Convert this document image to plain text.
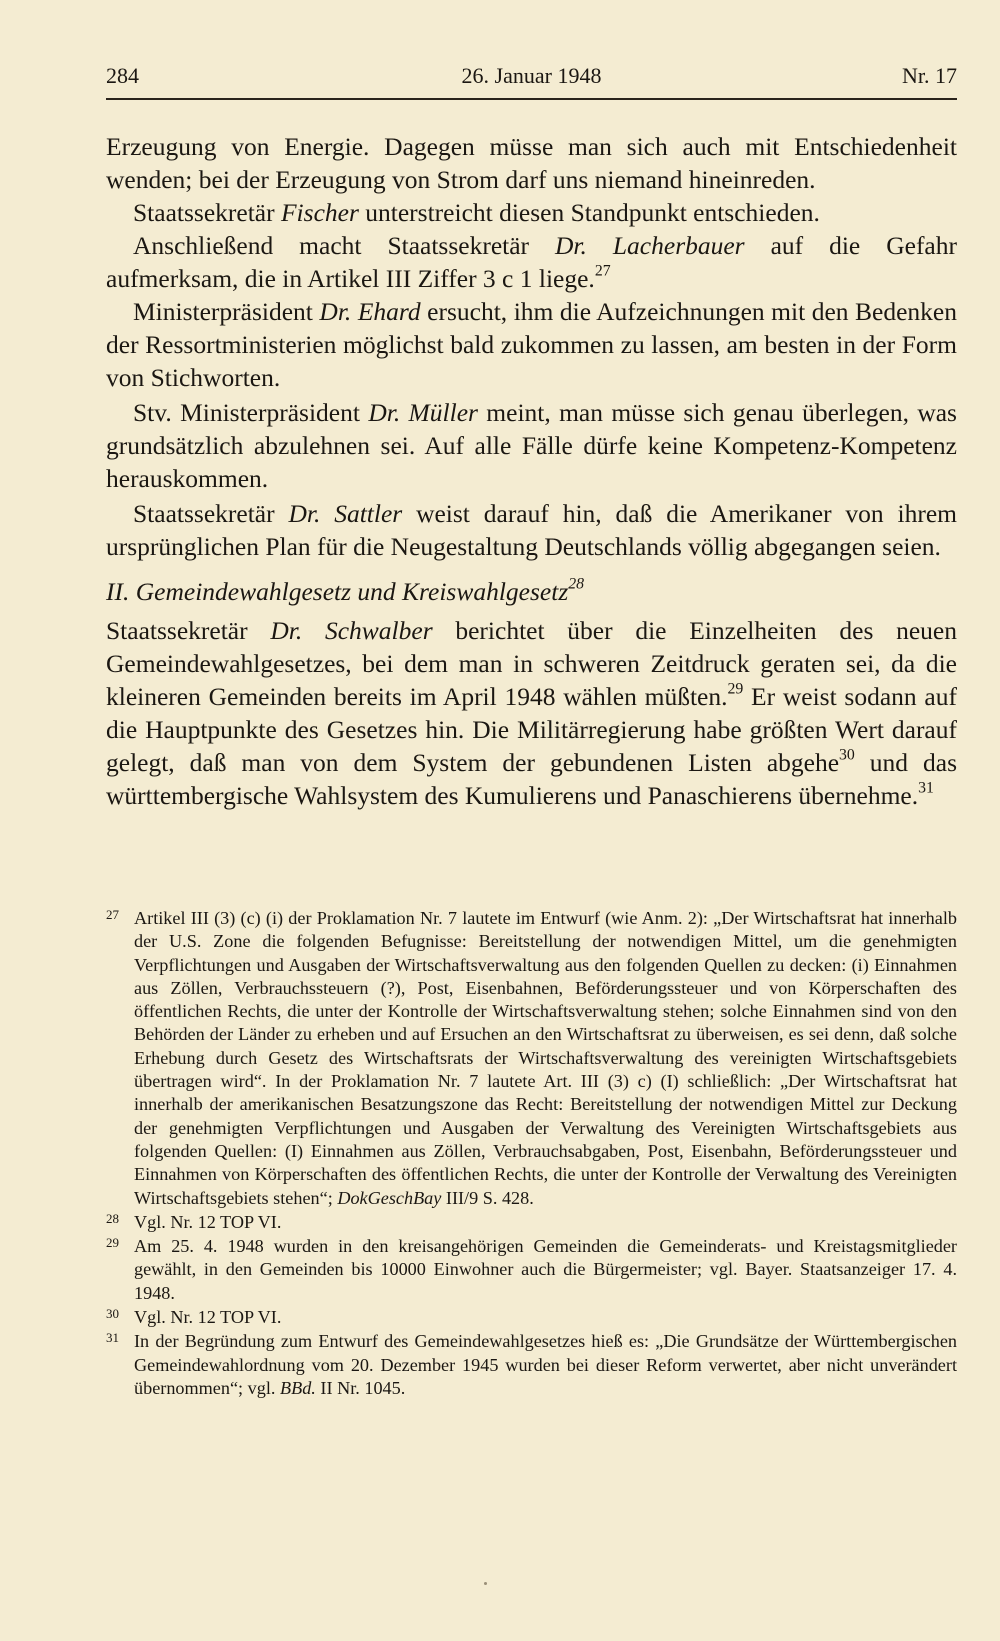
26. Januar 1948
284	Nr. 17

Erzeugung von Energie. Dagegen müsse man sich auch mit Entschiedenheit wenden; bei der Erzeugung von Strom darf uns niemand hineinreden.

Staatssekretär Fischer unterstreicht diesen Standpunkt entschieden.

Anschließend macht Staatssekretär Dr. Lacherbauer auf die Gefahr aufmerksam, die in Artikel III Ziffer 3 c 1 liege.$^{27}$

Ministerpräsident Dr. Ehard ersucht, ihm die Aufzeichnungen mit den Bedenken der Ressortministerien möglichst bald zukommen zu lassen, am besten in der Form von Stichworten.

Stv. Ministerpräsident Dr. Müller meint, man müsse sich genau überlegen, was grundsätzlich abzulehnen sei. Auf alle Fälle dürfe keine Kompetenz-Kompetenz herauskommen.

Staatssekretär Dr. Sattler weist darauf hin, daß die Amerikaner von ihrem ursprünglichen Plan für die Neugestaltung Deutschlands völlig abgegangen seien.

II. Gemeindewahlgesetz und Kreiswahlgesetz$^{28}$

Staatssekretär Dr. Schwalber berichtet über die Einzelheiten des neuen Gemeindewahlgesetzes, bei dem man in schweren Zeitdruck geraten sei, da die kleineren Gemeinden bereits im April 1948 wählen müßten.$^{29}$ Er weist sodann auf die Hauptpunkte des Gesetzes hin. Die Militärregierung habe größten Wert darauf gelegt, daß man von dem System der gebundenen Listen abgehe$^{30}$ und das württembergische Wahlsystem des Kumulierens und Panaschierens übernehme.$^{31}$

27 Artikel III (3) (c) (i) der Proklamation Nr. 7 lautete im Entwurf (wie Anm. 2): „Der Wirtschaftsrat hat innerhalb der U.S. Zone die folgenden Befugnisse: Bereitstellung der notwendigen Mittel, um die genehmigten Verpflichtungen und Ausgaben der Wirtschaftsverwaltung aus den folgenden Quellen zu decken: (i) Einnahmen aus Zöllen, Verbrauchssteuern (?), Post, Eisenbahnen, Beförderungssteuer und von Körperschaften des öffentlichen Rechts, die unter der Kontrolle der Wirtschaftsverwaltung stehen; solche Einnahmen sind von den Behörden der Länder zu erheben und auf Ersuchen an den Wirtschaftsrat zu überweisen, es sei denn, daß solche Erhebung durch Gesetz des Wirtschaftsrats der Wirtschaftsverwaltung des vereinigten Wirtschaftsgebiets übertragen wird“. In der Proklamation Nr. 7 lautete Art. III (3) c) (I) schließlich: „Der Wirtschaftsrat hat innerhalb der amerikanischen Besatzungszone das Recht: Bereitstellung der notwendigen Mittel zur Deckung der genehmigten Verpflichtungen und Ausgaben der Verwaltung des Vereinigten Wirtschaftsgebiets aus folgenden Quellen: (I) Einnahmen aus Zöllen, Verbrauchsabgaben, Post, Eisenbahn, Beförderungssteuer und Einnahmen von Körperschaften des öffentlichen Rechts, die unter der Kontrolle der Verwaltung des Vereinigten Wirtschaftsgebiets stehen“; DokGeschBay III/9 S. 428.
28 Vgl. Nr. 12 TOP VI.
29 Am 25. 4. 1948 wurden in den kreisangehörigen Gemeinden die Gemeinderats- und Kreistagsmitglieder gewählt, in den Gemeinden bis 10000 Einwohner auch die Bürgermeister; vgl. Bayer. Staatsanzeiger 17. 4. 1948.
30 Vgl. Nr. 12 TOP VI.
31 In der Begründung zum Entwurf des Gemeindewahlgesetzes hieß es: „Die Grundsätze der Württembergischen Gemeindewahlordnung vom 20. Dezember 1945 wurden bei dieser Reform verwertet, aber nicht unverändert übernommen“; vgl. BBd. II Nr. 1045.
